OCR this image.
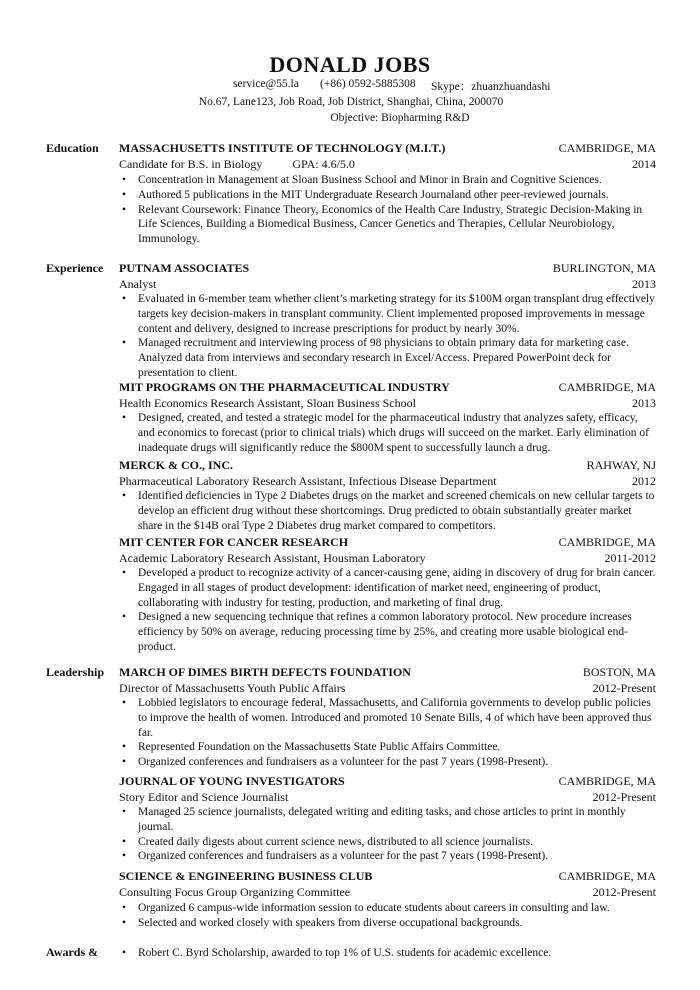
DONALD JOBS
service@55.la (+86) 0592-5885308 Skype：zhuanzhuandashi
No.67, Lane123, Job Road, Job District, Shanghai, China, 200070
Objective: Biopharming R&D
Education MASSACHUSETTS INSTITUTE OF TECHNOLOGY (M.I.T.)	CAMBRIDGE, MA
Candidate for B.S. in Biology          GPA: 4.6/5.0	2014
• Concentration in Management at Sloan Business School and Minor in Brain and Cognitive Sciences.
• Authored 5 publications in the MIT Undergraduate Research Journaland other peer-reviewed journals.
• Relevant Coursework: Finance Theory, Economics of the Health Care Industry, Strategic Decision-Making in Life Sciences, Building a Biomedical Business, Cancer Genetics and Therapies, Cellular Neurobiology, Immunology.
Experience PUTNAM ASSOCIATES	BURLINGTON, MA
Analyst	2013
• Evaluated in 6-member team whether client’s marketing strategy for its $100M organ transplant drug effectively targets key decision-makers in transplant community. Client implemented proposed improvements in message content and delivery, designed to increase prescriptions for product by nearly 30%.
• Managed recruitment and interviewing process of 98 physicians to obtain primary data for marketing case. Analyzed data from interviews and secondary research in Excel/Access. Prepared PowerPoint deck for presentation to client.
MIT PROGRAMS ON THE PHARMACEUTICAL INDUSTRY	CAMBRIDGE, MA
Health Economics Research Assistant, Sloan Business School	2013
• Designed, created, and tested a strategic model for the pharmaceutical industry that analyzes safety, efficacy, and economics to forecast (prior to clinical trials) which drugs will succeed on the market. Early elimination of inadequate drugs will significantly reduce the $800M spent to successfully launch a drug.
MERCK & CO., INC.	RAHWAY, NJ
Pharmaceutical Laboratory Research Assistant, Infectious Disease Department	2012
• Identified deficiencies in Type 2 Diabetes drugs on the market and screened chemicals on new cellular targets to develop an efficient drug without these shortcomings. Drug predicted to obtain substantially greater market share in the $14B oral Type 2 Diabetes drug market compared to competitors.
MIT CENTER FOR CANCER RESEARCH	CAMBRIDGE, MA
Academic Laboratory Research Assistant, Housman Laboratory	2011-2012
• Developed a product to recognize activity of a cancer-causing gene, aiding in discovery of drug for brain cancer. Engaged in all stages of product development: identification of market need, engineering of product, collaborating with industry for testing, production, and marketing of final drug.
• Designed a new sequencing technique that refines a common laboratory protocol. New procedure increases efficiency by 50% on average, reducing processing time by 25%, and creating more usable biological end-product.
Leadership MARCH OF DIMES BIRTH DEFECTS FOUNDATION	BOSTON, MA
Director of Massachusetts Youth Public Affairs	2012-Present
• Lobbied legislators to encourage federal, Massachusetts, and California governments to develop public policies to improve the health of women. Introduced and promoted 10 Senate Bills, 4 of which have been approved thus far.
• Represented Foundation on the Massachusetts State Public Affairs Committee.
• Organized conferences and fundraisers as a volunteer for the past 7 years (1998-Present).
JOURNAL OF YOUNG INVESTIGATORS	CAMBRIDGE, MA
Story Editor and Science Journalist	2012-Present
• Managed 25 science journalists, delegated writing and editing tasks, and chose articles to print in monthly journal.
• Created daily digests about current science news, distributed to all science journalists.
• Organized conferences and fundraisers as a volunteer for the past 7 years (1998-Present).
SCIENCE & ENGINEERING BUSINESS CLUB	CAMBRIDGE, MA
Consulting Focus Group Organizing Committee	2012-Present
• Organized 6 campus-wide information session to educate students about careers in consulting and law.
• Selected and worked closely with speakers from diverse occupational backgrounds.
Awards & • Robert C. Byrd Scholarship, awarded to top 1% of U.S. students for academic excellence.
